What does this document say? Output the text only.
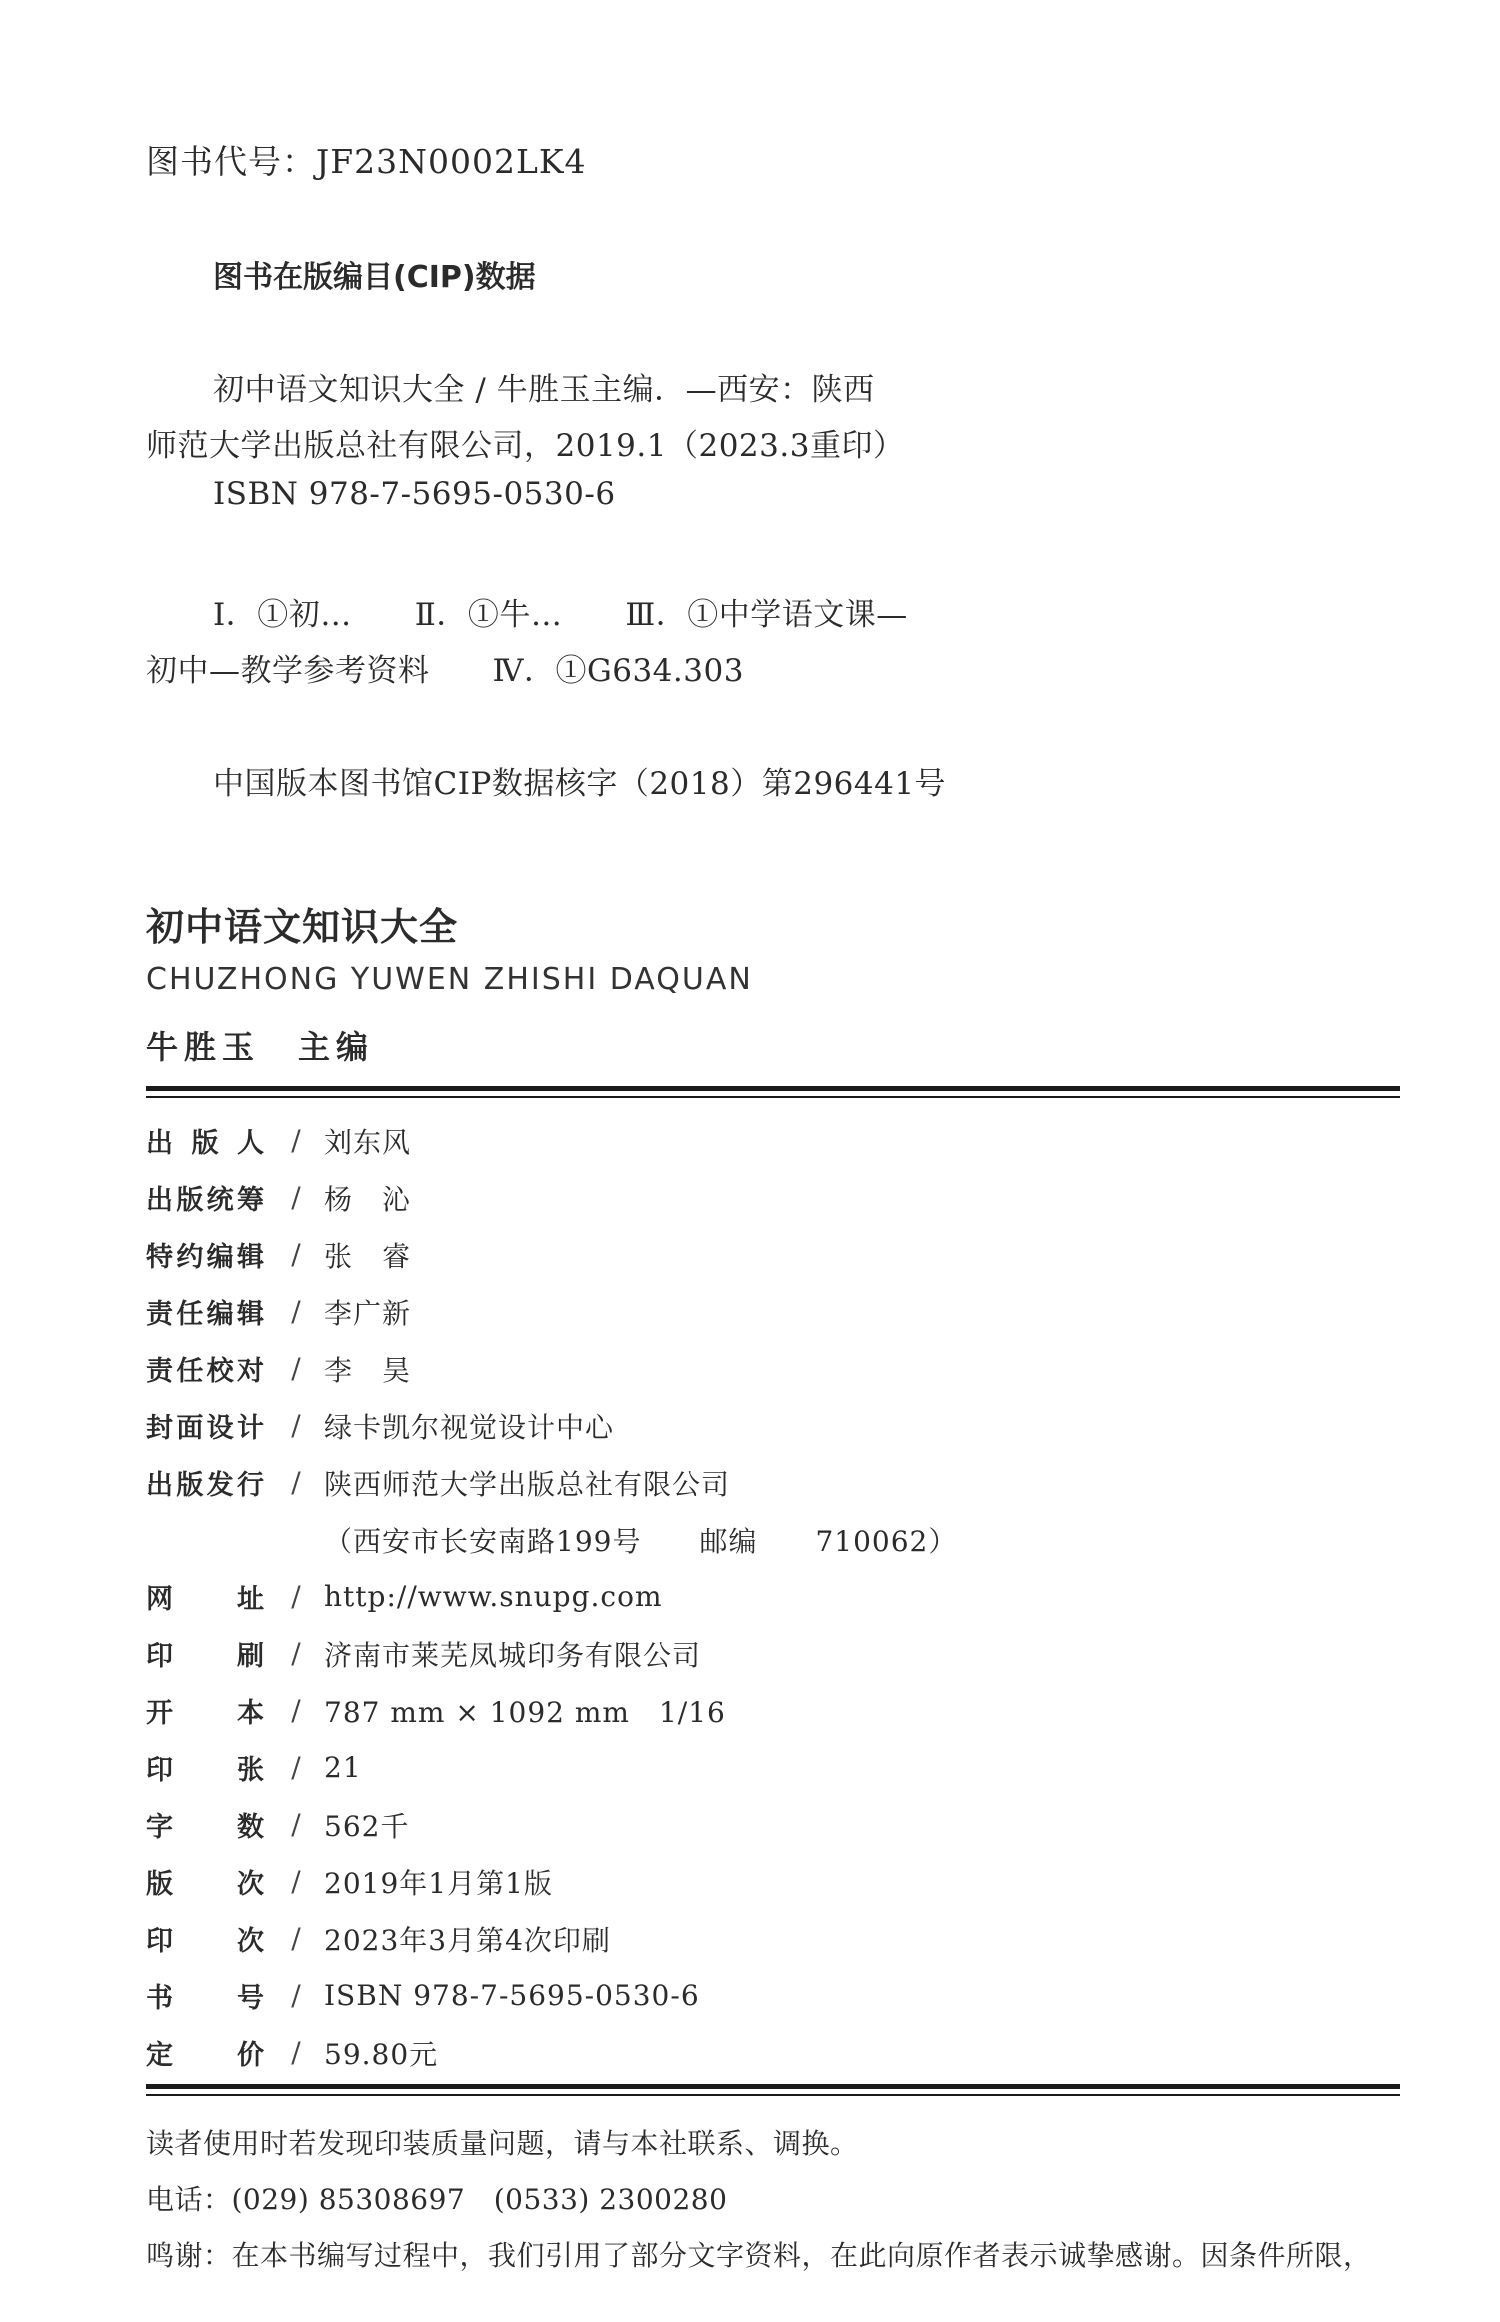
图书代号：JF23N0002LK4
图书在版编目(CIP)数据
初中语文知识大全 / 牛胜玉主编．—西安：陕西
师范大学出版总社有限公司，2019.1（2023.3重印）
ISBN 978-7-5695-0530-6
Ⅰ．①初…　　Ⅱ．①牛…　　Ⅲ．①中学语文课—
初中—教学参考资料　　Ⅳ．①G634.303
中国版本图书馆CIP数据核字（2018）第296441号
初中语文知识大全
CHUZHONG YUWEN ZHISHI DAQUAN
牛胜玉　主编
出版人 / 刘东风
出版统筹 / 杨　沁
特约编辑 / 张　睿
责任编辑 / 李广新
责任校对 / 李　昊
封面设计 / 绿卡凯尔视觉设计中心
出版发行 / 陕西师范大学出版总社有限公司
（西安市长安南路199号　　邮编　　710062）
网址 / http://www.snupg.com
印刷 / 济南市莱芜凤城印务有限公司
开本 / 787 mm × 1092 mm　1/16
印张 / 21
字数 / 562千
版次 / 2019年1月第1版
印次 / 2023年3月第4次印刷
书号 / ISBN 978-7-5695-0530-6
定价 / 59.80元
读者使用时若发现印装质量问题，请与本社联系、调换。
电话：(029) 85308697　(0533) 2300280
鸣谢：在本书编写过程中，我们引用了部分文字资料，在此向原作者表示诚挚感谢。因条件所限，
